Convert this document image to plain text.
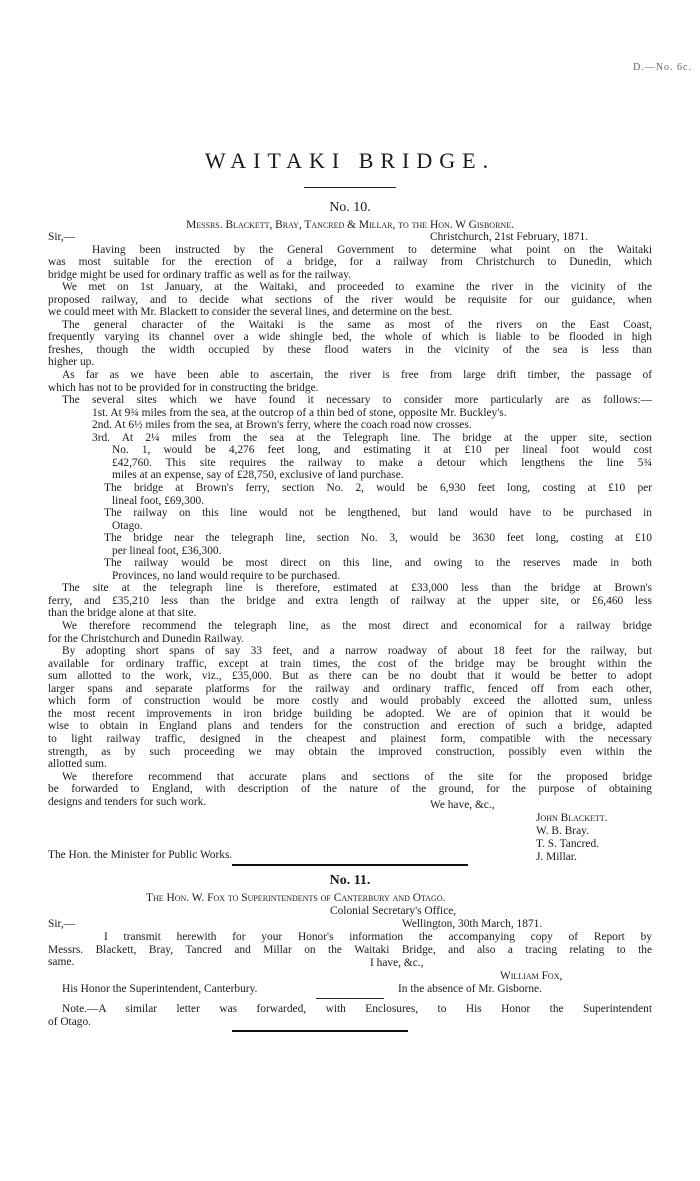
D.—No. 6c.
WAITAKI BRIDGE.
No. 10.
Messrs. Blackett, Bray, Tancred & Millar, to the Hon. W Gisborne.
Sir,—	Christchurch, 21st February, 1871.
Having been instructed by the General Government to determine what point on the Waitaki
was most suitable for the erection of a bridge, for a railway from Christchurch to Dunedin, which
bridge might be used for ordinary traffic as well as for the railway.
We met on 1st January, at the Waitaki, and proceeded to examine the river in the vicinity of the
proposed railway, and to decide what sections of the river would be requisite for our guidance, when
we could meet with Mr. Blackett to consider the several lines, and determine on the best.
The general character of the Waitaki is the same as most of the rivers on the East Coast,
frequently varying its channel over a wide shingle bed, the whole of which is liable to be flooded in high
freshes, though the width occupied by these flood waters in the vicinity of the sea is less than
higher up.
As far as we have been able to ascertain, the river is free from large drift timber, the passage of
which has not to be provided for in constructing the bridge.
The several sites which we have found it necessary to consider more particularly are as follows:—
1st. At 9¾ miles from the sea, at the outcrop of a thin bed of stone, opposite Mr. Buckley's.
2nd. At 6½ miles from the sea, at Brown's ferry, where the coach road now crosses.
3rd. At 2¼ miles from the sea at the Telegraph line. The bridge at the upper site, section
No. 1, would be 4,276 feet long, and estimating it at £10 per lineal foot would cost
£42,760. This site requires the railway to make a detour which lengthens the line 5¾
miles at an expense, say of £28,750, exclusive of land purchase.
The bridge at Brown's ferry, section No. 2, would be 6,930 feet long, costing at £10 per
lineal foot, £69,300.
The railway on this line would not be lengthened, but land would have to be purchased in
Otago.
The bridge near the telegraph line, section No. 3, would be 3630 feet long, costing at £10
per lineal foot, £36,300.
The railway would be most direct on this line, and owing to the reserves made in both
Provinces, no land would require to be purchased.
The site at the telegraph line is therefore, estimated at £33,000 less than the bridge at Brown's
ferry, and £35,210 less than the bridge and extra length of railway at the upper site, or £6,460 less
than the bridge alone at that site.
We therefore recommend the telegraph line, as the most direct and economical for a railway bridge
for the Christchurch and Dunedin Railway.
By adopting short spans of say 33 feet, and a narrow roadway of about 18 feet for the railway, but
available for ordinary traffic, except at train times, the cost of the bridge may be brought within the
sum allotted to the work, viz., £35,000. But as there can be no doubt that it would be better to adopt
larger spans and separate platforms for the railway and ordinary traffic, fenced off from each other,
which form of construction would be more costly and would probably exceed the allotted sum, unless
the most recent improvements in iron bridge building be adopted. We are of opinion that it would be
wise to obtain in England plans and tenders for the construction and erection of such a bridge, adapted
to light railway traffic, designed in the cheapest and plainest form, compatible with the necessary
strength, as by such proceeding we may obtain the improved construction, possibly even within the
allotted sum.
We therefore recommend that accurate plans and sections of the site for the proposed bridge
be forwarded to England, with description of the nature of the ground, for the purpose of obtaining
designs and tenders for such work.	We have, &c.,
John Blackett.
W. B. Bray.
T. S. Tancred.
J. Millar.
The Hon. the Minister for Public Works.
No. 11.
The Hon. W. Fox to Superintendents of Canterbury and Otago.
Colonial Secretary's Office,
Sir,—	Wellington, 30th March, 1871.
I transmit herewith for your Honor's information the accompanying copy of Report by
Messrs. Blackett, Bray, Tancred and Millar on the Waitaki Bridge, and also a tracing relating to the
same.	I have, &c.,
William Fox,
In the absence of Mr. Gisborne.
His Honor the Superintendent, Canterbury.
Note.—A similar letter was forwarded, with Enclosures, to His Honor the Superintendent
of Otago.
